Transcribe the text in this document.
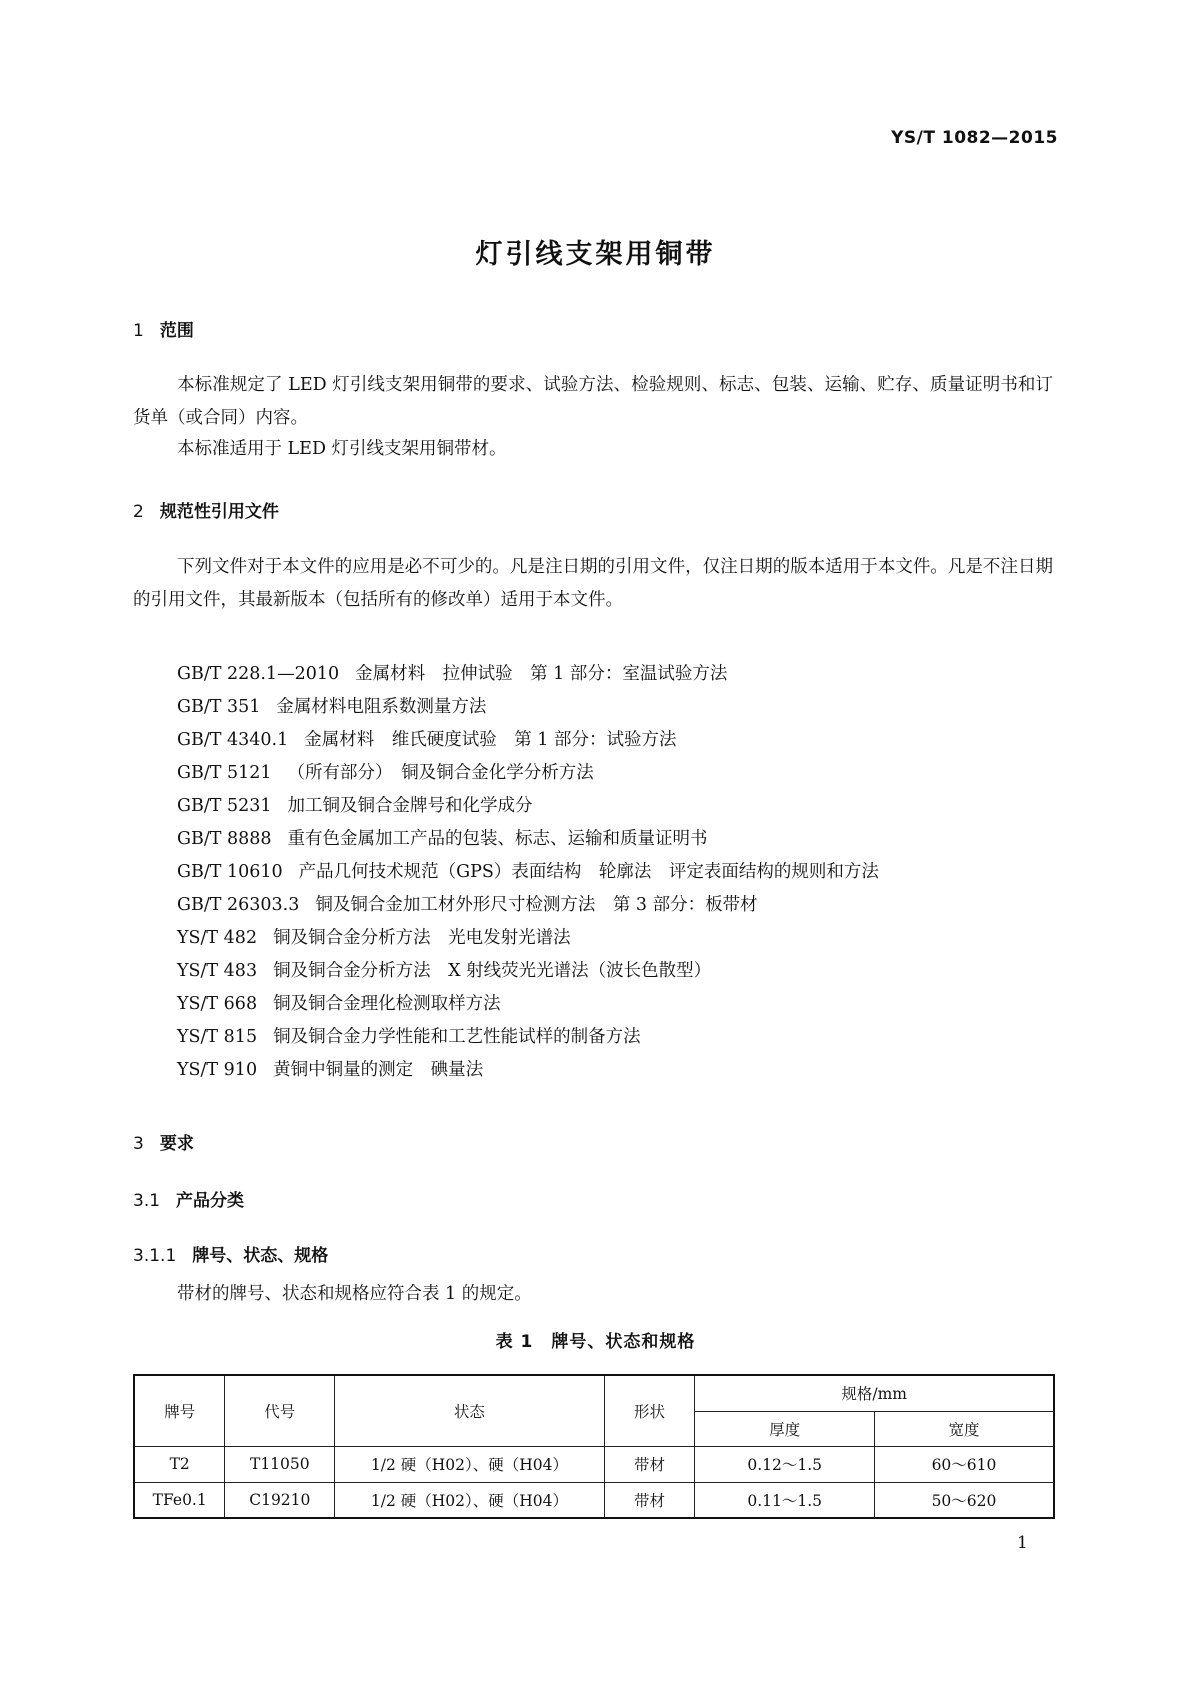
YS/T 1082—2015
灯引线支架用铜带
1 范围
本标准规定了 LED 灯引线支架用铜带的要求、试验方法、检验规则、标志、包装、运输、贮存、质量证明书和订货单（或合同）内容。
本标准适用于 LED 灯引线支架用铜带材。
2 规范性引用文件
下列文件对于本文件的应用是必不可少的。凡是注日期的引用文件，仅注日期的版本适用于本文件。凡是不注日期的引用文件，其最新版本（包括所有的修改单）适用于本文件。
GB/T 228.1—2010 金属材料　拉伸试验　第 1 部分：室温试验方法
GB/T 351 金属材料电阻系数测量方法
GB/T 4340.1 金属材料　维氏硬度试验　第 1 部分：试验方法
GB/T 5121 （所有部分）　铜及铜合金化学分析方法
GB/T 5231 加工铜及铜合金牌号和化学成分
GB/T 8888 重有色金属加工产品的包装、标志、运输和质量证明书
GB/T 10610 产品几何技术规范（GPS）表面结构　轮廓法　评定表面结构的规则和方法
GB/T 26303.3 铜及铜合金加工材外形尺寸检测方法　第 3 部分：板带材
YS/T 482 铜及铜合金分析方法　光电发射光谱法
YS/T 483 铜及铜合金分析方法　X 射线荧光光谱法（波长色散型）
YS/T 668 铜及铜合金理化检测取样方法
YS/T 815 铜及铜合金力学性能和工艺性能试样的制备方法
YS/T 910 黄铜中铜量的测定　碘量法
3 要求
3.1 产品分类
3.1.1 牌号、状态、规格
带材的牌号、状态和规格应符合表 1 的规定。
表 1　牌号、状态和规格
牌号	代号	状态	形状	规格/mm	
				厚度	宽度
T2	T11050	1/2 硬（H02）、硬（H04）	带材	0.12～1.5	60～610
TFe0.1	C19210	1/2 硬（H02）、硬（H04）	带材	0.11～1.5	50～620
1
